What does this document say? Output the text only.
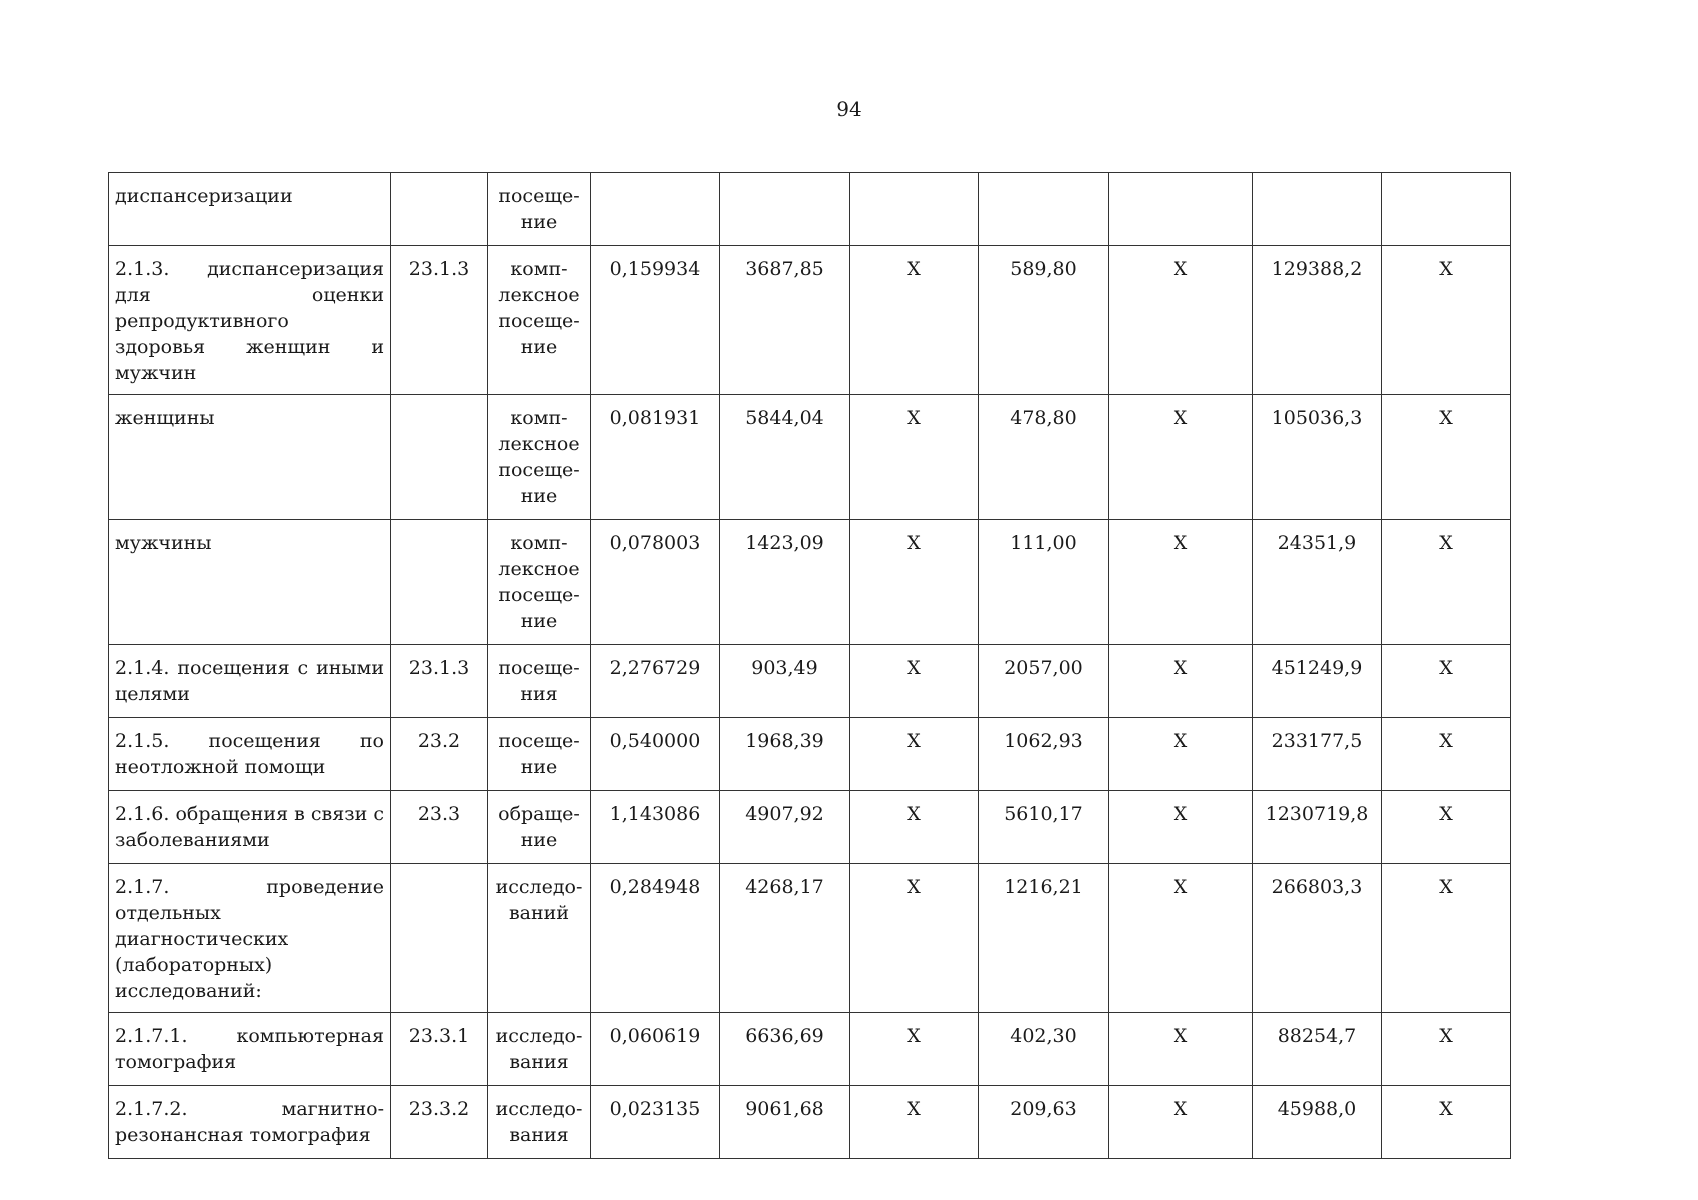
94
диспансеризации		посеще-
ние							

2.1.3. диспансеризация для оценки репродуктивного здоровья женщин и мужчин	23.1.3	комп-
лексное
посеще-
ние	0,159934	3687,85	X	589,80	X	129388,2	X
женщины		комп-
лексное
посеще-
ние	0,081931	5844,04	X	478,80	X	105036,3	X
мужчины		комп-
лексное
посеще-
ние	0,078003	1423,09	X	111,00	X	24351,9	X
2.1.4. посещения с иными целями	23.1.3	посеще-
ния	2,276729	903,49	X	2057,00	X	451249,9	X
2.1.5. посещения по неотложной помощи	23.2	посеще-
ние	0,540000	1968,39	X	1062,93	X	233177,5	X
2.1.6. обращения в связи с заболеваниями	23.3	обраще-
ние	1,143086	4907,92	X	5610,17	X	1230719,8	X
2.1.7. проведение отдельных диагностических (лабораторных) исследований:		исследо-
ваний	0,284948	4268,17	X	1216,21	X	266803,3	X
2.1.7.1. компьютерная томография	23.3.1	исследо-
вания	0,060619	6636,69	X	402,30	X	88254,7	X
2.1.7.2. магнитно-резонансная томография	23.3.2	исследо-
вания	0,023135	9061,68	X	209,63	X	45988,0	X
